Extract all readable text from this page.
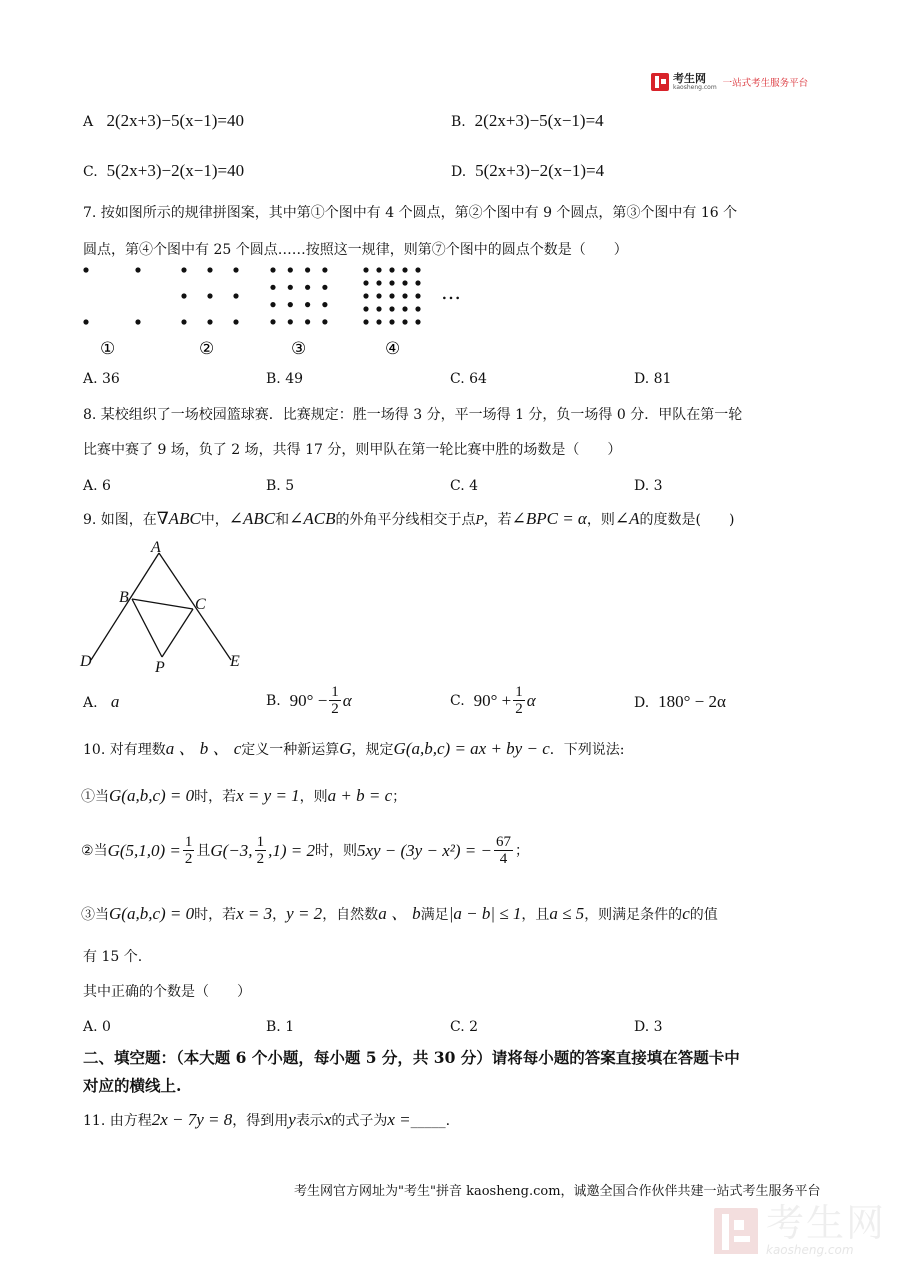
考生网
kaosheng.com 一站式考生服务平台
A 2(2x+3)−5(x−1)=40	B. 2(2x+3)−5(x−1)=4
C. 5(2x+3)−2(x−1)=40	D. 5(2x+3)−2(x−1)=4
7. 按如图所示的规律拼图案，其中第①个图中有 4 个圆点，第②个图中有 9 个圆点，第③个图中有 16 个
圆点，第④个图中有 25 个圆点……按照这一规律，则第⑦个图中的圆点个数是（　　）
①	②	③	④
…
A. 36	B. 49	C. 64	D. 81
8. 某校组织了一场校园篮球赛．比赛规定：胜一场得 3 分，平一场得 1 分，负一场得 0 分．甲队在第一轮
比赛中赛了 9 场，负了 2 场，共得 17 分，则甲队在第一轮比赛中胜的场数是（　　）
A. 6	B. 5	C. 4	D. 3
9. 如图，在∇ABC中，∠ABC和∠ACB的外角平分线相交于点P，若∠BPC = α，则∠A的度数是(　　)
A
B	C
D	E
P
A. a	B.
$90^\circ - \frac{1}{2}$ α	C.
$90^\circ + \frac{1}{2}$ α	D. 180° − 2α
10. 对有理数a 、 b 、 c定义一种新运算G，规定G(a,b,c) = ax + by − c．下列说法:
①当G(a,b,c) = 0时，若x = y = 1，则a + b = c；
② 当 $G(5,1,0) = \frac{1}{2}$ 且 G(−3, $\frac{1}{2} ,1) = 2$ 时，则 5xy − (3y − x²) = − $\frac{67}{4}$ ；
③当G(a,b,c) = 0时，若x = 3，y = 2，自然数a 、 b满足|a − b| ≤ 1，且a ≤ 5，则满足条件的c的值
有 15 个.
其中正确的个数是（　　）
A. 0	B. 1	C. 2	D. 3
二、填空题：（本大题 6 个小题，每小题 5 分，共 30 分）请将每小题的答案直接填在答题卡中
对应的横线上.
11. 由方程2x − 7y = 8，得到用y表示x的式子为x =_____.
考生网官方网址为"考生"拼音 kaosheng.com，诚邀全国合作伙伴共建一站式考生服务平台
考生网
kaosheng.com
